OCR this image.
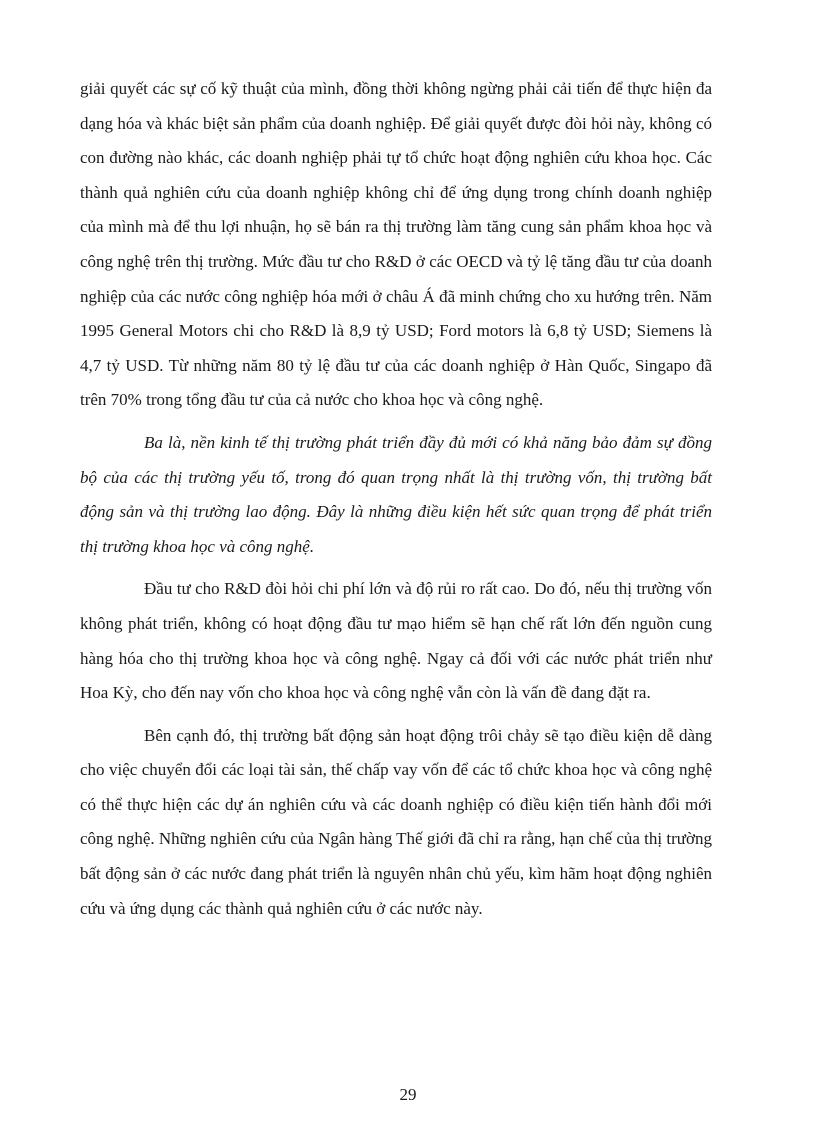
giải quyết các sự cố kỹ thuật của mình, đồng thời không ngừng phải cải tiến để thực hiện đa dạng hóa và khác biệt sản phẩm của doanh nghiệp. Để giải quyết được đòi hỏi này, không có con đường nào khác, các doanh nghiệp phải tự tổ chức hoạt động nghiên cứu khoa học. Các thành quả nghiên cứu của doanh nghiệp không chỉ để ứng dụng trong chính doanh nghiệp của mình mà để thu lợi nhuận, họ sẽ bán ra thị trường làm tăng cung sản phẩm khoa học và công nghệ trên thị trường. Mức đầu tư cho R&D ở các OECD và tỷ lệ tăng đầu tư của doanh nghiệp của các nước công nghiệp hóa mới ở châu Á đã minh chứng cho xu hướng trên. Năm 1995 General Motors chi cho R&D là 8,9 tỷ USD; Ford motors là 6,8 tỷ USD; Siemens là 4,7 tỷ USD. Từ những năm 80 tỷ lệ đầu tư của các doanh nghiệp ở Hàn Quốc, Singapo đã trên 70% trong tổng đầu tư của cả nước cho khoa học và công nghệ.

Ba là, nền kinh tế thị trường phát triển đầy đủ mới có khả năng bảo đảm sự đồng bộ của các thị trường yếu tố, trong đó quan trọng nhất là thị trường vốn, thị trường bất động sản và thị trường lao động. Đây là những điều kiện hết sức quan trọng để phát triển thị trường khoa học và công nghệ.

Đầu tư cho R&D đòi hỏi chi phí lớn và độ rủi ro rất cao. Do đó, nếu thị trường vốn không phát triển, không có hoạt động đầu tư mạo hiểm sẽ hạn chế rất lớn đến nguồn cung hàng hóa cho thị trường khoa học và công nghệ. Ngay cả đối với các nước phát triển như Hoa Kỳ, cho đến nay vốn cho khoa học và công nghệ vẫn còn là vấn đề đang đặt ra.

Bên cạnh đó, thị trường bất động sản hoạt động trôi chảy sẽ tạo điều kiện dễ dàng cho việc chuyển đổi các loại tài sản, thế chấp vay vốn để các tổ chức khoa học và công nghệ có thể thực hiện các dự án nghiên cứu và các doanh nghiệp có điều kiện tiến hành đổi mới công nghệ. Những nghiên cứu của Ngân hàng Thế giới đã chỉ ra rằng, hạn chế của thị trường bất động sản ở các nước đang phát triển là nguyên nhân chủ yếu, kìm hãm hoạt động nghiên cứu và ứng dụng các thành quả nghiên cứu ở các nước này.

29
